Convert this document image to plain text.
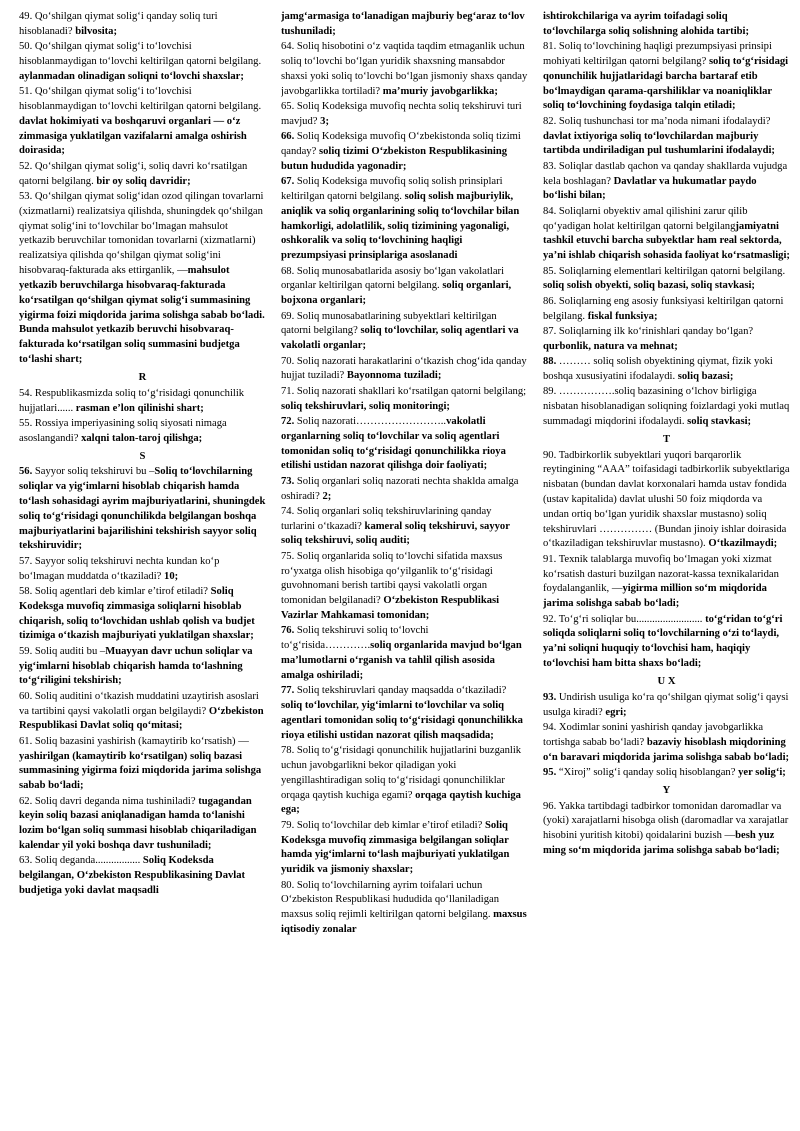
49. Qo‘shilgan qiymat solig‘i qanday soliq turi hisoblanadi? bilvosita;
50. Qo‘shilgan qiymat solig‘i to‘lovchisi hisoblanmaydigan to‘lovchi keltirilgan qatorni belgilang. aylanmadan olinadigan soliqni to‘lovchi shaxslar;
51. Qo‘shilgan qiymat solig‘i to‘lovchisi hisoblanmaydigan to‘lovchi keltirilgan qatorni belgilang. davlat hokimiyati va boshqaruvi organlari — o‘z zimmasiga yuklatilgan vazifalarni amalga oshirish doirasida;
52. Qo‘shilgan qiymat solig‘i, soliq davri ko‘rsatilgan qatorni belgilang. bir oy soliq davridir;
53. Qo‘shilgan qiymat solig‘idan ozod qilingan tovarlarni (xizmatlarni) realizatsiya qilishda, shuningdek qo‘shilgan qiymat solig‘ini to‘lovchilar bo‘lmagan mahsulot yetkazib beruvchilar tomonidan tovarlarni (xizmatlarni) realizatsiya qilishda qo‘shilgan qiymat solig‘ini hisobvaraq-fakturada aks ettirganlik, —mahsulot yetkazib beruvchilarga hisobvaraq-fakturada ko‘rsatilgan qo‘shilgan qiymat solig‘i summasining yigirma foizi miqdorida jarima solishga sabab bo‘ladi. Bunda mahsulot yetkazib beruvchi hisobvaraq-fakturada ko‘rsatilgan soliq summasini budjetga to‘lashi shart;
R
54. Respublikasmizda soliq to‘g‘risidagi qonunchilik hujjatlari...... rasman e’lon qilinishi shart;
55. Rossiya imperiyasining soliq siyosati nimaga asoslangandi? xalqni talon-taroj qilishga;
S
56. Sayyor soliq tekshiruvi bu –Soliq to‘lovchilarning soliqlar va yig‘imlarni hisoblab chiqarish hamda to‘lash sohasidagi ayrim majburiyatlarini, shuningdek soliq to‘g‘risidagi qonunchilikda belgilangan boshqa majburiyatlarini bajarilishini tekshirish sayyor soliq tekshiruvidir;
57. Sayyor soliq tekshiruvi nechta kundan ko‘p bo‘lmagan muddatda o‘tkaziladi? 10;
58. Soliq agentlari deb kimlar e’tirof etiladi? Soliq Kodeksga muvofiq zimmasiga soliqlarni hisoblab chiqarish, soliq to‘lovchidan ushlab qolish va budjet tizimiga o‘tkazish majburiyati yuklatilgan shaxslar;
59. Soliq auditi bu –Muayyan davr uchun soliqlar va yig‘imlarni hisoblab chiqarish hamda to‘lashning to‘g‘riligini tekshirish;
60. Soliq auditini o‘tkazish muddatini uzaytirish asoslari va tartibini qaysi vakolatli organ belgilaydi? O‘zbekiston Respublikasi Davlat soliq qo‘mitasi;
61. Soliq bazasini yashirish (kamaytirib ko‘rsatish) —yashirilgan (kamaytirib ko‘rsatilgan) soliq bazasi summasining yigirma foizi miqdorida jarima solishga sabab bo‘ladi;
62. Soliq davri deganda nima tushiniladi? tugagandan keyin soliq bazasi aniqlanadigan hamda to‘lanishi lozim bo‘lgan soliq summasi hisoblab chiqariladigan kalendar yil yoki boshqa davr tushuniladi;
63. Soliq deganda................. Soliq Kodeksda belgilangan, O‘zbekiston Respublikasining Davlat budjetiga yoki davlat maqsadli
jamg‘armasiga to‘lanadigan majburiy beg‘araz to‘lov tushuniladi;
64. Soliq hisobotini o‘z vaqtida taqdim etmaganlik uchun soliq to‘lovchi bo‘lgan yuridik shaxsning mansabdor shaxsi yoki soliq to‘lovchi bo‘lgan jismoniy shaxs qanday javobgarlikka tortiladi? ma’muriy javobgarlikka;
65. Soliq Kodeksiga muvofiq nechta soliq tekshiruvi turi mavjud? 3;
66. Soliq Kodeksiga muvofiq O‘zbekistonda soliq tizimi qanday? soliq tizimi O‘zbekiston Respublikasining butun hududida yagonadir;
67. Soliq Kodeksiga muvofiq soliq solish prinsiplari keltirilgan qatorni belgilang. soliq solish majburiylik, aniqlik va soliq organlarining soliq to‘lovchilar bilan hamkorligi, adolatlilik, soliq tizimining yagonaligi, oshkoralik va soliq to‘lovchining haqligi prezumpsiyasi prinsiplariga asoslanadi
68. Soliq munosabatlarida asosiy bo‘lgan vakolatlari organlar keltirilgan qatorni belgilang. soliq organlari, bojxona organlari;
69. Soliq munosabatlarining subyektlari keltirilgan qatorni belgilang? soliq to‘lovchilar, soliq agentlari va vakolatli organlar;
70. Soliq nazorati harakatlarini o‘tkazish chog‘ida qanday hujjat tuziladi? Bayonnoma tuziladi;
71. Soliq nazorati shakllari ko‘rsatilgan qatorni belgilang; soliq tekshiruvlari, soliq monitoringi;
72. Soliq nazorati……………………..vakolatli organlarning soliq to‘lovchilar va soliq agentlari tomonidan soliq to‘g‘risidagi qonunchilikka rioya etilishi ustidan nazorat qilishga doir faoliyati;
73. Soliq organlari soliq nazorati nechta shaklda amalga oshiradi? 2;
74. Soliq organlari soliq tekshiruvlarining qanday turlarini o‘tkazadi? kameral soliq tekshiruvi, sayyor soliq tekshiruvi, soliq auditi;
75. Soliq organlarida soliq to‘lovchi sifatida maxsus ro‘yxatga olish hisobiga qo‘yilganlik to‘g‘risidagi guvohnomani berish tartibi qaysi vakolatli organ tomonidan belgilanadi? O‘zbekiston Respublikasi Vazirlar Mahkamasi tomonidan;
76. Soliq tekshiruvi soliq to‘lovchi to‘g‘risida………….soliq organlarida mavjud bo‘lgan ma’lumotlarni o‘rganish va tahlil qilish asosida amalga oshiriladi;
77. Soliq tekshiruvlari qanday maqsadda o‘tkaziladi? soliq to‘lovchilar, yig‘imlarni to‘lovchilar va soliq agentlari tomonidan soliq to‘g‘risidagi qonunchilikka rioya etilishi ustidan nazorat qilish maqsadida;
78. Soliq to‘g‘risidagi qonunchilik hujjatlarini buzganlik uchun javobgarlikni bekor qiladigan yoki yengillashtiradigan soliq to‘g‘risidagi qonunchiliklar orqaga qaytish kuchiga egami? orqaga qaytish kuchiga ega;
79. Soliq to‘lovchilar deb kimlar e’tirof etiladi? Soliq Kodeksga muvofiq zimmasiga belgilangan soliqlar hamda yig‘imlarni to‘lash majburiyati yuklatilgan yuridik va jismoniy shaxslar;
80. Soliq to‘lovchilarning ayrim toifalari uchun O‘zbekiston Respublikasi hududida qo‘llaniladigan maxsus soliq rejimli keltirilgan qatorni belgilang. maxsus iqtisodiy zonalar
ishtirokchilariga va ayrim toifadagi soliq to‘lovchilarga soliq solishning alohida tartibi;
81. Soliq to‘lovchining haqligi prezumpsiyasi prinsipi mohiyati keltirilgan qatorni belgilang? soliq to‘g‘risidagi qonunchilik hujjatlaridagi barcha bartaraf etib bo‘lmaydigan qarama-qarshiliklar va noaniqliklar soliq to‘lovchining foydasiga talqin etiladi;
82. Soliq tushunchasi tor ma’noda nimani ifodalaydi? davlat ixtiyoriga soliq to‘lovchilardan majburiy tartibda undiriladigan pul tushumlarini ifodalaydi;
83. Soliqlar dastlab qachon va qanday shakllarda vujudga kela boshlagan? Davlatlar va hukumatlar paydo bo‘lishi bilan;
84. Soliqlarni obyektiv amal qilishini zarur qilib qo‘yadigan holat keltirilgan qatorni belgilangjamiyatni tashkil etuvchi barcha subyektlar ham real sektorda, ya’ni ishlab chiqarish sohasida faoliyat ko‘rsatmasligi;
85. Soliqlarning elementlari keltirilgan qatorni belgilang. soliq solish obyekti, soliq bazasi, soliq stavkasi;
86. Soliqlarning eng asosiy funksiyasi keltirilgan qatorni belgilang. fiskal funksiya;
87. Soliqlarning ilk ko‘rinishlari qanday bo‘lgan? qurbonlik, natura va mehnat;
88. ……… soliq solish obyektining qiymat, fizik yoki boshqa xususiyatini ifodalaydi. soliq bazasi;
89. …………….soliq bazasining o‘lchov birligiga nisbatan hisoblanadigan soliqning foizlardagi yoki mutlaq summadagi miqdorini ifodalaydi. soliq stavkasi;
T
90. Tadbirkorlik subyektlari yuqori barqarorlik reytingining “AAA” toifasidagi tadbirkorlik subyektlariga nisbatan (bundan davlat korxonalari hamda ustav fondida (ustav kapitalida) davlat ulushi 50 foiz miqdorda va undan ortiq bo‘lgan yuridik shaxslar mustasno) soliq tekshiruvlari …………… (Bundan jinoiy ishlar doirasida o‘tkaziladigan tekshiruvlar mustasno). O‘tkazilmaydi;
91. Texnik talablarga muvofiq bo‘lmagan yoki xizmat ko‘rsatish dasturi buzilgan nazorat-kassa texnikalaridan foydalanganlik, —yigirma million so‘m miqdorida jarima solishga sabab bo‘ladi;
92. To‘g‘ri soliqlar bu......................... to‘g‘ridan to‘g‘ri soliqda soliqlarni soliq to‘lovchilarning o‘zi to‘laydi, ya’ni soliqni huquqiy to‘lovchisi ham, haqiqiy to‘lovchisi ham bitta shaxs bo‘ladi;
U X
93. Undirish usuliga ko‘ra qo‘shilgan qiymat solig‘i qaysi usulga kiradi? egri;
94. Xodimlar sonini yashirish qanday javobgarlikka tortishga sabab bo‘ladi? bazaviy hisoblash miqdorining o‘n baravari miqdorida jarima solishga sabab bo‘ladi;
95. “Xiroj” solig‘i qanday soliq hisoblangan? yer solig‘i;
Y
96. Yakka tartibdagi tadbirkor tomonidan daromadlar va (yoki) xarajatlarni hisobga olish (daromadlar va xarajatlar hisobini yuritish kitobi) qoidalarini buzish —besh yuz ming so‘m miqdorida jarima solishga sabab bo‘ladi;
